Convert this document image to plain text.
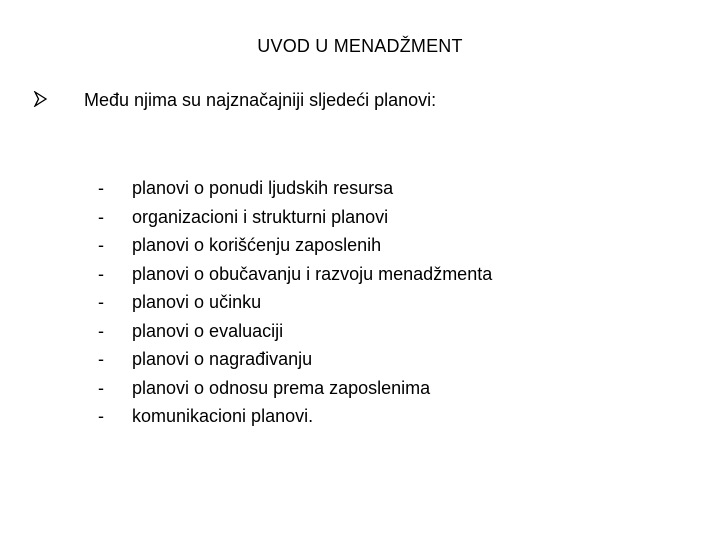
UVOD U MENADŽMENT
Među njima su najznačajniji sljedeći planovi:
- planovi o ponudi ljudskih resursa
- organizacioni i strukturni planovi
- planovi o korišćenju zaposlenih
- planovi o obučavanju i razvoju menadžmenta
- planovi o učinku
- planovi o evaluaciji
- planovi o nagrađivanju
- planovi o odnosu prema zaposlenima
- komunikacioni planovi.
